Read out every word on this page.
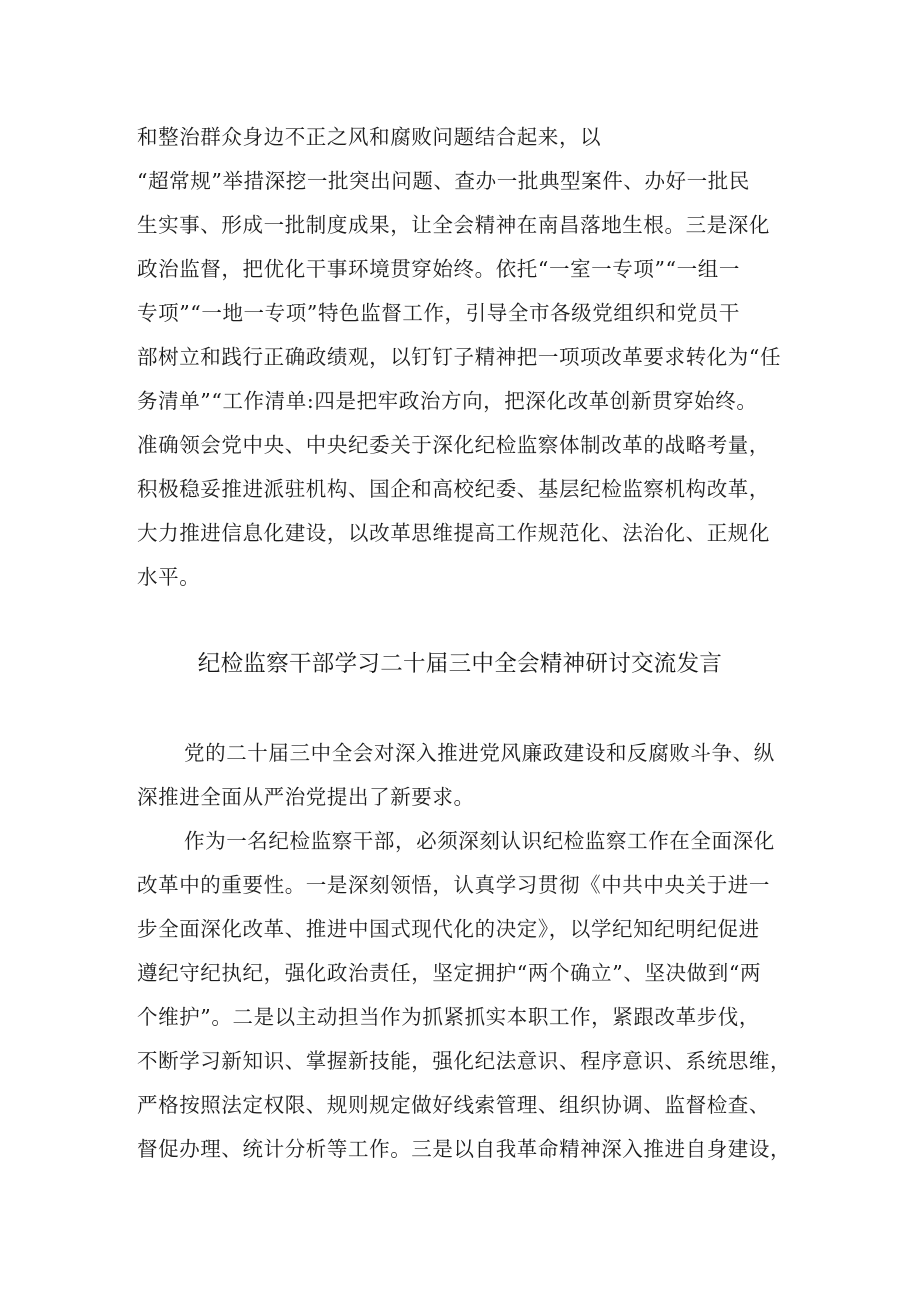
和整治群众身边不正之风和腐败问题结合起来，以
“超常规”举措深挖一批突出问题、查办一批典型案件、办好一批民
生实事、形成一批制度成果，让全会精神在南昌落地生根。三是深化
政治监督，把优化干事环境贯穿始终。依托“一室一专项”“一组一
专项”“一地一专项”特色监督工作，引导全市各级党组织和党员干
部树立和践行正确政绩观，以钉钉子精神把一项项改革要求转化为“任
务清单”“工作清单:四是把牢政治方向，把深化改革创新贯穿始终。
准确领会党中央、中央纪委关于深化纪检监察体制改革的战略考量，
积极稳妥推进派驻机构、国企和高校纪委、基层纪检监察机构改革，
大力推进信息化建设，以改革思维提高工作规范化、法治化、正规化
水平。
纪检监察干部学习二十届三中全会精神研讨交流发言
党的二十届三中全会对深入推进党风廉政建设和反腐败斗争、纵
深推进全面从严治党提出了新要求。
作为一名纪检监察干部，必须深刻认识纪检监察工作在全面深化
改革中的重要性。一是深刻领悟，认真学习贯彻《中共中央关于进一
步全面深化改革、推进中国式现代化的决定》，以学纪知纪明纪促进
遵纪守纪执纪，强化政治责任，坚定拥护“两个确立”、坚决做到“两
个维护”。二是以主动担当作为抓紧抓实本职工作，紧跟改革步伐，
不断学习新知识、掌握新技能，强化纪法意识、程序意识、系统思维，
严格按照法定权限、规则规定做好线索管理、组织协调、监督检查、
督促办理、统计分析等工作。三是以自我革命精神深入推进自身建设，
